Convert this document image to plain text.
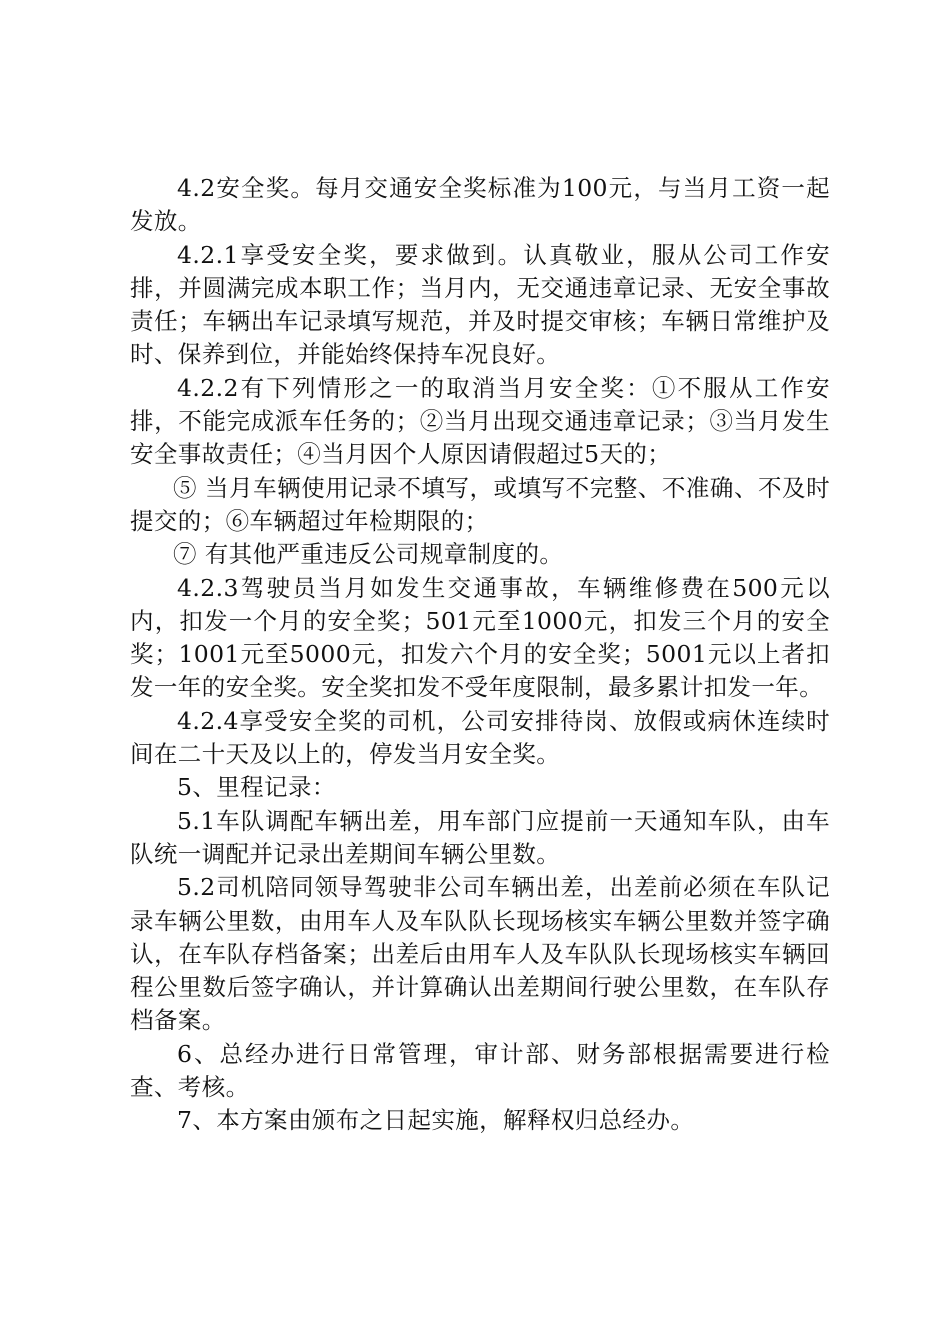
4.2安全奖。每月交通安全奖标准为100元，与当月工资一起发放。

4.2.1享受安全奖，要求做到。认真敬业，服从公司工作安排，并圆满完成本职工作；当月内，无交通违章记录、无安全事故责任；车辆出车记录填写规范，并及时提交审核；车辆日常维护及时、保养到位，并能始终保持车况良好。

4.2.2有下列情形之一的取消当月安全奖：①不服从工作安排，不能完成派车任务的；②当月出现交通违章记录；③当月发生安全事故责任；④当月因个人原因请假超过5天的；

⑤ 当月车辆使用记录不填写，或填写不完整、不准确、不及时提交的；⑥车辆超过年检期限的；

⑦ 有其他严重违反公司规章制度的。

4.2.3驾驶员当月如发生交通事故，车辆维修费在500元以内，扣发一个月的安全奖；501元至1000元，扣发三个月的安全奖；1001元至5000元，扣发六个月的安全奖；5001元以上者扣发一年的安全奖。安全奖扣发不受年度限制，最多累计扣发一年。

4.2.4享受安全奖的司机，公司安排待岗、放假或病休连续时间在二十天及以上的，停发当月安全奖。

5、里程记录：

5.1车队调配车辆出差，用车部门应提前一天通知车队，由车队统一调配并记录出差期间车辆公里数。

5.2司机陪同领导驾驶非公司车辆出差，出差前必须在车队记录车辆公里数，由用车人及车队队长现场核实车辆公里数并签字确认，在车队存档备案；出差后由用车人及车队队长现场核实车辆回程公里数后签字确认，并计算确认出差期间行驶公里数，在车队存档备案。

6、总经办进行日常管理，审计部、财务部根据需要进行检查、考核。

7、本方案由颁布之日起实施，解释权归总经办。
